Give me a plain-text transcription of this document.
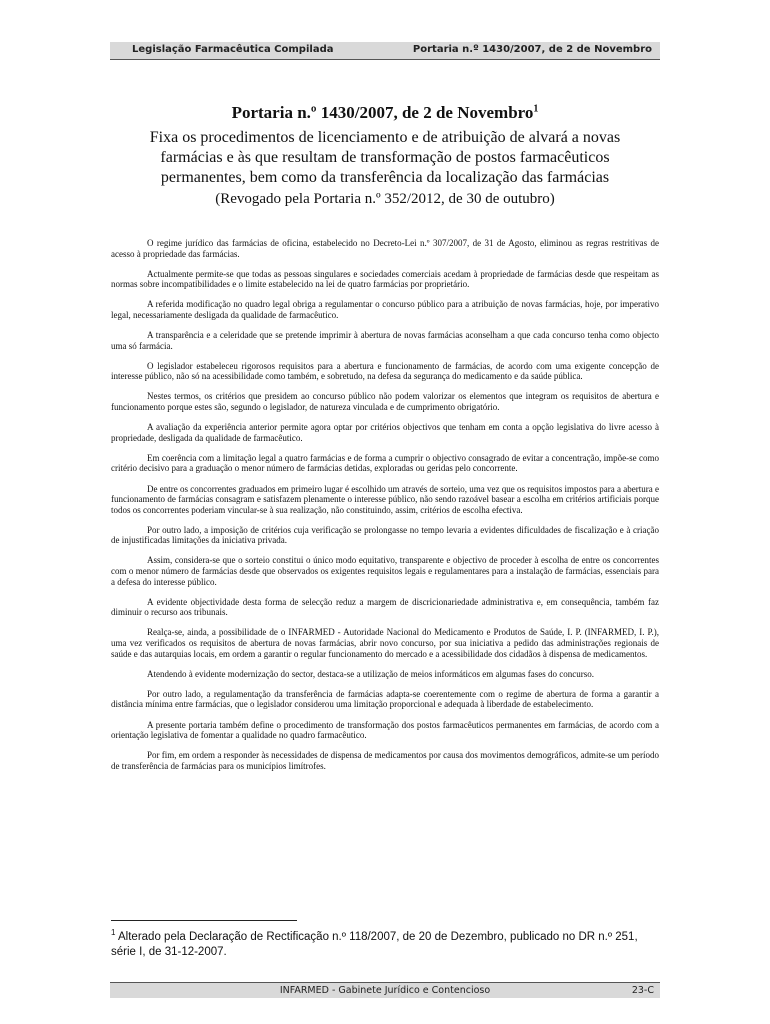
Legislação Farmacêutica Compilada	Portaria n.º 1430/2007, de 2 de Novembro
Portaria n.º 1430/2007, de 2 de Novembro$^1$
Fixa os procedimentos de licenciamento e de atribuição de alvará a novas farmácias e às que resultam de transformação de postos farmacêuticos permanentes, bem como da transferência da localização das farmácias
(Revogado pela Portaria n.º 352/2012, de 30 de outubro)

O regime jurídico das farmácias de oficina, estabelecido no Decreto-Lei n.º 307/2007, de 31 de Agosto, eliminou as regras restritivas de acesso à propriedade das farmácias.

Actualmente permite-se que todas as pessoas singulares e sociedades comerciais acedam à propriedade de farmácias desde que respeitam as normas sobre incompatibilidades e o limite estabelecido na lei de quatro farmácias por proprietário.

A referida modificação no quadro legal obriga a regulamentar o concurso público para a atribuição de novas farmácias, hoje, por imperativo legal, necessariamente desligada da qualidade de farmacêutico.

A transparência e a celeridade que se pretende imprimir à abertura de novas farmácias aconselham a que cada concurso tenha como objecto uma só farmácia.

O legislador estabeleceu rigorosos requisitos para a abertura e funcionamento de farmácias, de acordo com uma exigente concepção de interesse público, não só na acessibilidade como também, e sobretudo, na defesa da segurança do medicamento e da saúde pública.

Nestes termos, os critérios que presidem ao concurso público não podem valorizar os elementos que integram os requisitos de abertura e funcionamento porque estes são, segundo o legislador, de natureza vinculada e de cumprimento obrigatório.

A avaliação da experiência anterior permite agora optar por critérios objectivos que tenham em conta a opção legislativa do livre acesso à propriedade, desligada da qualidade de farmacêutico.

Em coerência com a limitação legal a quatro farmácias e de forma a cumprir o objectivo consagrado de evitar a concentração, impõe-se como critério decisivo para a graduação o menor número de farmácias detidas, exploradas ou geridas pelo concorrente.

De entre os concorrentes graduados em primeiro lugar é escolhido um através de sorteio, uma vez que os requisitos impostos para a abertura e funcionamento de farmácias consagram e satisfazem plenamente o interesse público, não sendo razoável basear a escolha em critérios artificiais porque todos os concorrentes poderiam vincular-se à sua realização, não constituindo, assim, critérios de escolha efectiva.

Por outro lado, a imposição de critérios cuja verificação se prolongasse no tempo levaria a evidentes dificuldades de fiscalização e à criação de injustificadas limitações da iniciativa privada.

Assim, considera-se que o sorteio constitui o único modo equitativo, transparente e objectivo de proceder à escolha de entre os concorrentes com o menor número de farmácias desde que observados os exigentes requisitos legais e regulamentares para a instalação de farmácias, essenciais para a defesa do interesse público.

A evidente objectividade desta forma de selecção reduz a margem de discricionariedade administrativa e, em consequência, também faz diminuir o recurso aos tribunais.

Realça-se, ainda, a possibilidade de o INFARMED - Autoridade Nacional do Medicamento e Produtos de Saúde, I. P. (INFARMED, I. P.), uma vez verificados os requisitos de abertura de novas farmácias, abrir novo concurso, por sua iniciativa a pedido das administrações regionais de saúde e das autarquias locais, em ordem a garantir o regular funcionamento do mercado e a acessibilidade dos cidadãos à dispensa de medicamentos.

Atendendo à evidente modernização do sector, destaca-se a utilização de meios informáticos em algumas fases do concurso.

Por outro lado, a regulamentação da transferência de farmácias adapta-se coerentemente com o regime de abertura de forma a garantir a distância mínima entre farmácias, que o legislador considerou uma limitação proporcional e adequada à liberdade de estabelecimento.

A presente portaria também define o procedimento de transformação dos postos farmacêuticos permanentes em farmácias, de acordo com a orientação legislativa de fomentar a qualidade no quadro farmacêutico.

Por fim, em ordem a responder às necessidades de dispensa de medicamentos por causa dos movimentos demográficos, admite-se um período de transferência de farmácias para os municípios limítrofes.

$^1$ Alterado pela Declaração de Rectificação n.º 118/2007, de 20 de Dezembro, publicado no DR n.º 251, série I, de 31-12-2007.
INFARMED - Gabinete Jurídico e Contencioso	23-C
